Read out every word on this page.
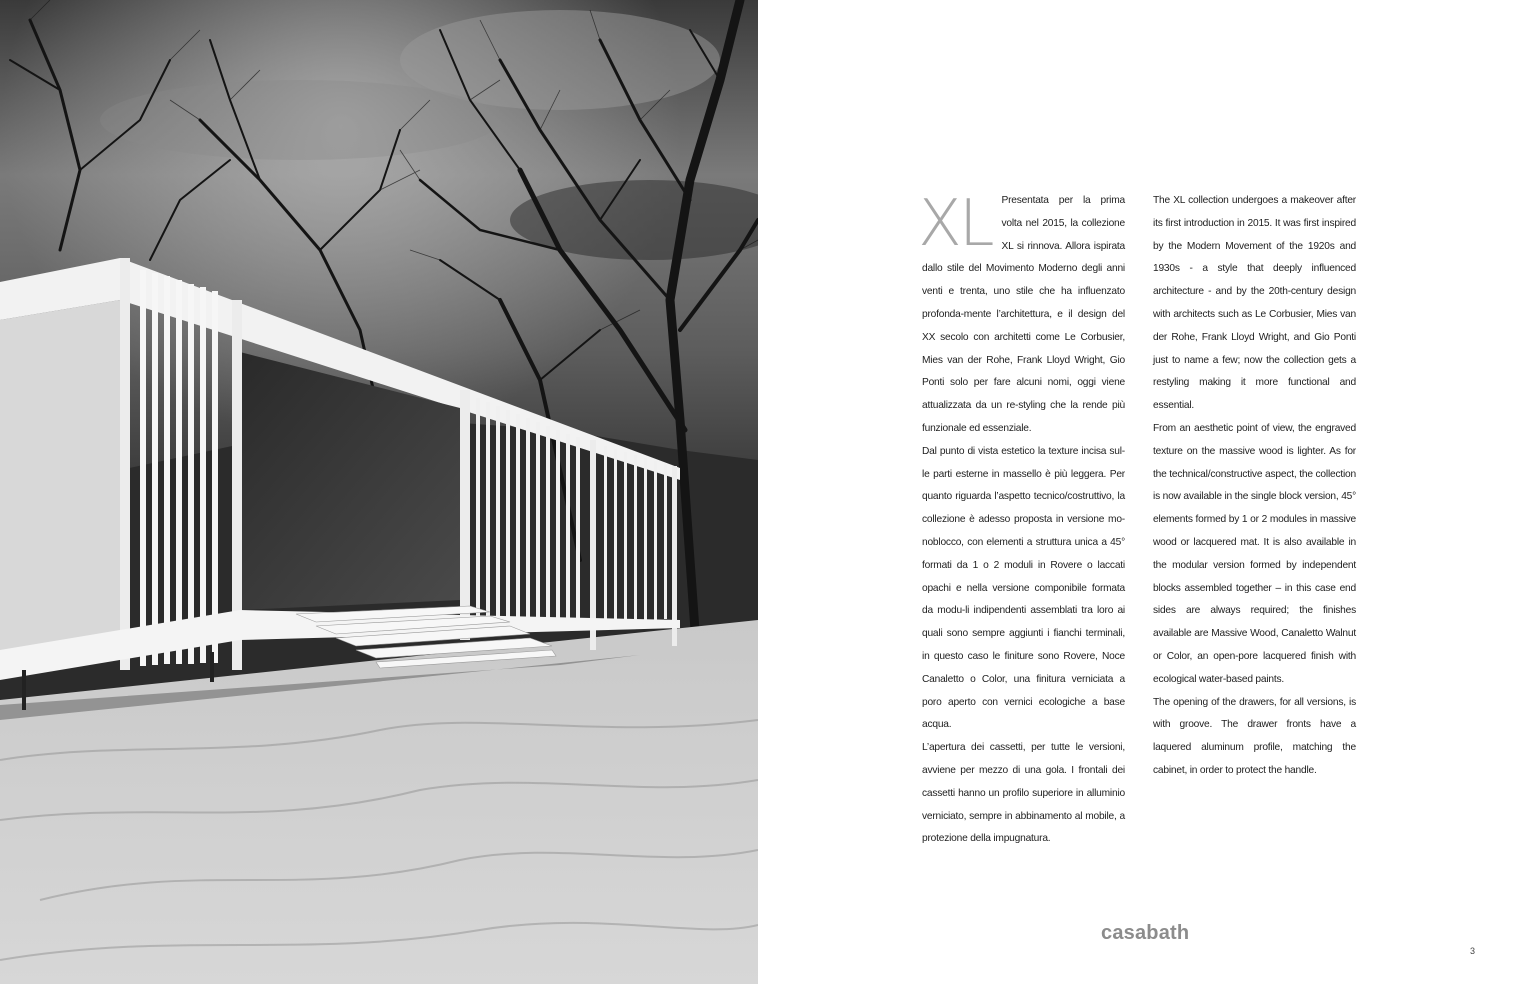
XL Presentata per la prima volta nel 2015, la collezione XL si rinnova. Allora ispirata dallo stile del Movimento Moderno degli anni venti e trenta, uno stile che ha influenzato profonda-mente l’architettura, e il design del XX secolo con architetti come Le Corbusier, Mies van der Rohe, Frank Lloyd Wright, Gio Ponti solo per fare alcuni nomi, oggi viene attualizzata da un re-styling che la rende più funzionale ed essenziale.

Dal punto di vista estetico la texture incisa sul-le parti esterne in massello è più leggera. Per quanto riguarda l’aspetto tecnico/costruttivo, la collezione è adesso proposta in versione mo-noblocco, con elementi a struttura unica a 45° formati da 1 o 2 moduli in Rovere o laccati opachi e nella versione componibile formata da modu-li indipendenti assemblati tra loro ai quali sono sempre aggiunti i fianchi terminali, in questo caso le finiture sono Rovere, Noce Canaletto o Color, una finitura verniciata a poro aperto con vernici ecologiche a base acqua.

L’apertura dei cassetti, per tutte le versioni, avviene per mezzo di una gola. I frontali dei cassetti hanno un profilo superiore in alluminio verniciato, sempre in abbinamento al mobile, a protezione della impugnatura.

The XL collection undergoes a makeover after its first introduction in 2015. It was first inspired by the Modern Movement of the 1920s and 1930s - a style that deeply influenced architecture - and by the 20th-century design with architects such as Le Corbusier, Mies van der Rohe, Frank Lloyd Wright, and Gio Ponti just to name a few; now the collection gets a restyling making it more functional and essential.

From an aesthetic point of view, the engraved texture on the massive wood is lighter. As for the technical/constructive aspect, the collection is now available in the single block version, 45° elements formed by 1 or 2 modules in massive wood or lacquered mat. It is also available in the modular version formed by independent blocks assembled together – in this case end sides are always required; the finishes available are Massive Wood, Canaletto Walnut or Color, an open-pore lacquered finish with ecological water-based paints.

The opening of the drawers, for all versions, is with groove. The drawer fronts have a laquered aluminum profile, matching the cabinet, in order to protect the handle.

casabath
3
